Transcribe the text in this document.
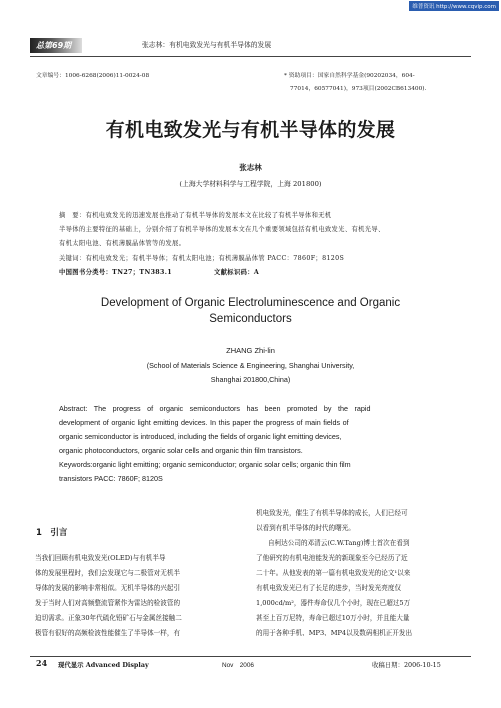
维普资讯 http://www.cqvip.com
总第69期	张志林：有机电致发光与有机半导体的发展
文章编号：1006-6268(2006)11-0024-08	* 资助项目：国家自然科学基金(90202034，604-
77014，60577041)，973项目(2002CB613400).
有机电致发光与有机半导体的发展
张志林
(上海大学材料科学与工程学院，上海 201800)
摘　要：有机电致发光的迅速发展也推动了有机半导体的发展本文在比较了有机半导体和无机
半导体的主要特征的基础上，分别介绍了有机半导体的发展本文在几个重要领域包括有机电致发光、有机光导、
有机太阳电池、有机薄膜晶体管等的发展。
关键词：有机电致发光；有机半导体；有机太阳电池；有机薄膜晶体管 PACC：7860F；8120S
中国图书分类号：TN27；TN383.1	文献标识码：A
Development of Organic Electroluminescence and Organic
Semiconductors
ZHANG Zhi-lin
(School of Materials Science & Engineering, Shanghai University,
Shanghai 201800,China)
Abstract: The progress of organic semiconductors has been promoted by the rapid
development of organic light emitting devices. In this paper the progress of main fields of
organic semiconductor is introduced, including the fields of organic light emitting devices,
organic photoconductors, organic solar cells and organic thin film transistors.
Keywords:organic light emitting; organic semiconductor; organic solar cells; organic thin film
transistors PACC: 7860F; 8120S
1　引言
当我们回顾有机电致发光(OLED)与有机半导
体的发展里程时，我们会发现它与二极管对无机半
导体的发展的影响非常相似。无机半导体的兴起引
发于当时人们对高频整流管紧作为雷达的检波管的
迫切需求。正象30年代硫化铅矿石与金属丝接触二
极管有很好的高频检波性能催生了半导体一样，有
机电致发光，催生了有机半导体的成长，人们已经可
以看到有机半导体的时代的曙光。
自柯达公司的邓清云(C.W.Tang)博士首次在看到
了他研究的有机电池能发光的新现象至今已经历了近
二十年。从他发表的第一篇有机电致发光的论文¹以来
有机电致发光已有了长足的进步，当时发光亮度仅
1,000cd/m²，器件寿命仅几个小时，现在已超过5万
甚至上百万尼特，寿命已超过10万小时，并且能大量
的用于各种手机、MP3、MP4以及数码相机正开发出
24 现代显示 Advanced Display	Nov　2006	收稿日期：2006-10-15
